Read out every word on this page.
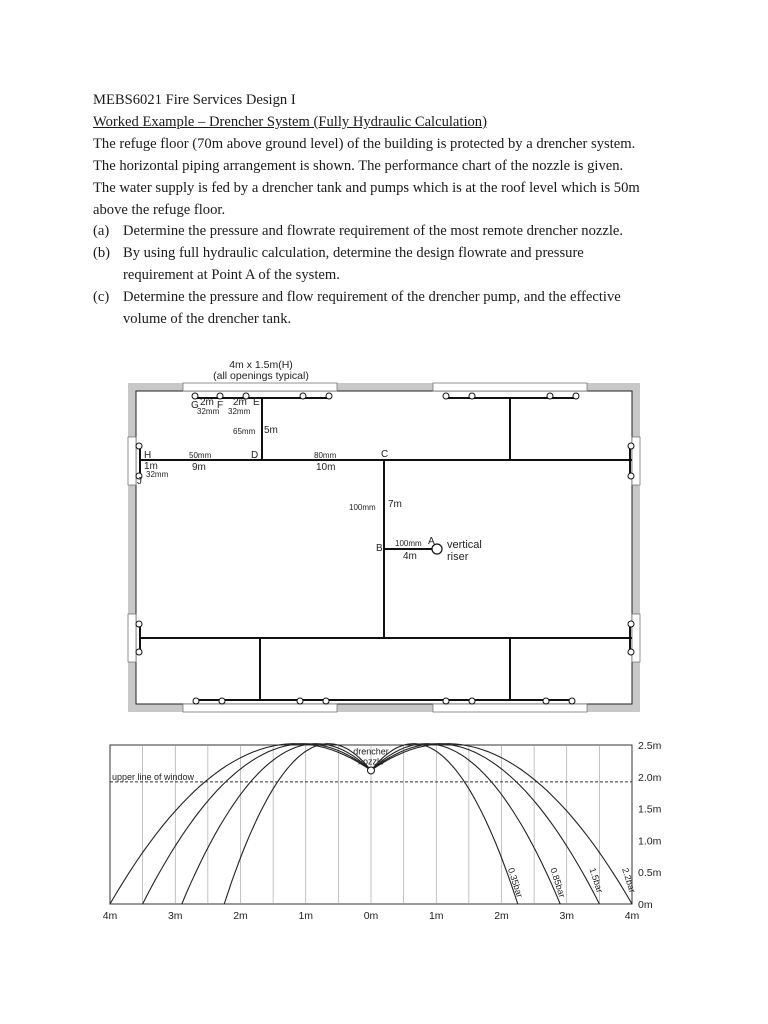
MEBS6021 Fire Services Design I
Worked Example – Drencher System (Fully Hydraulic Calculation)
The refuge floor (70m above ground level) of the building is protected by a drencher system.
The horizontal piping arrangement is shown. The performance chart of the nozzle is given.
The water supply is fed by a drencher tank and pumps which is at the roof level which is 50m
above the refuge floor.
(a) Determine the pressure and flowrate requirement of the most remote drencher nozzle.
(b) By using full hydraulic calculation, determine the design flowrate and pressure
requirement at Point A of the system.
(c) Determine the pressure and flow requirement of the drencher pump, and the effective
volume of the drencher tank.
4m x 1.5m(H)
(all openings typical)
G 2m F 2m E
32mm 32mm
65mm 5m
H	50mm	D	80mm	C
1m	9m	10m
32mm
J
100mm 7m
B 100mm A
4m
vertical
riser
upper line of window
drencher
nozzle
4m	3m	2m	1m	0m	1m	2m	3m	4m
0m
0.5m
1.0m
1.5m
2.0m
2.5m
0.35bar	0.85bar 1.5bar 2.2bar
